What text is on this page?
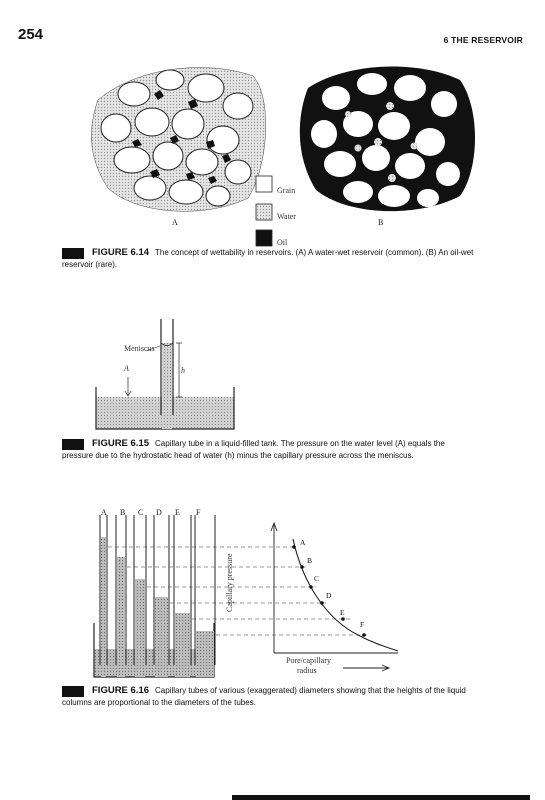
254	6 THE RESERVOIR
Grain
Water
Oil
A	B
FIGURE 6.14 The concept of wettability in reservoirs. (A) A water-wet reservoir (common). (B) An oil-wet reservoir (rare).
Meniscus
A	h
FIGURE 6.15 Capillary tube in a liquid-filled tank. The pressure on the water level (A) equals the pressure due to the hydrostatic head of water (h) minus the capillary pressure across the meniscus.
A B C D E F
A
B
C
D
E
F
Capillary pressure
Pore/capillary
radius
FIGURE 6.16 Capillary tubes of various (exaggerated) diameters showing that the heights of the liquid columns are proportional to the diameters of the tubes.
